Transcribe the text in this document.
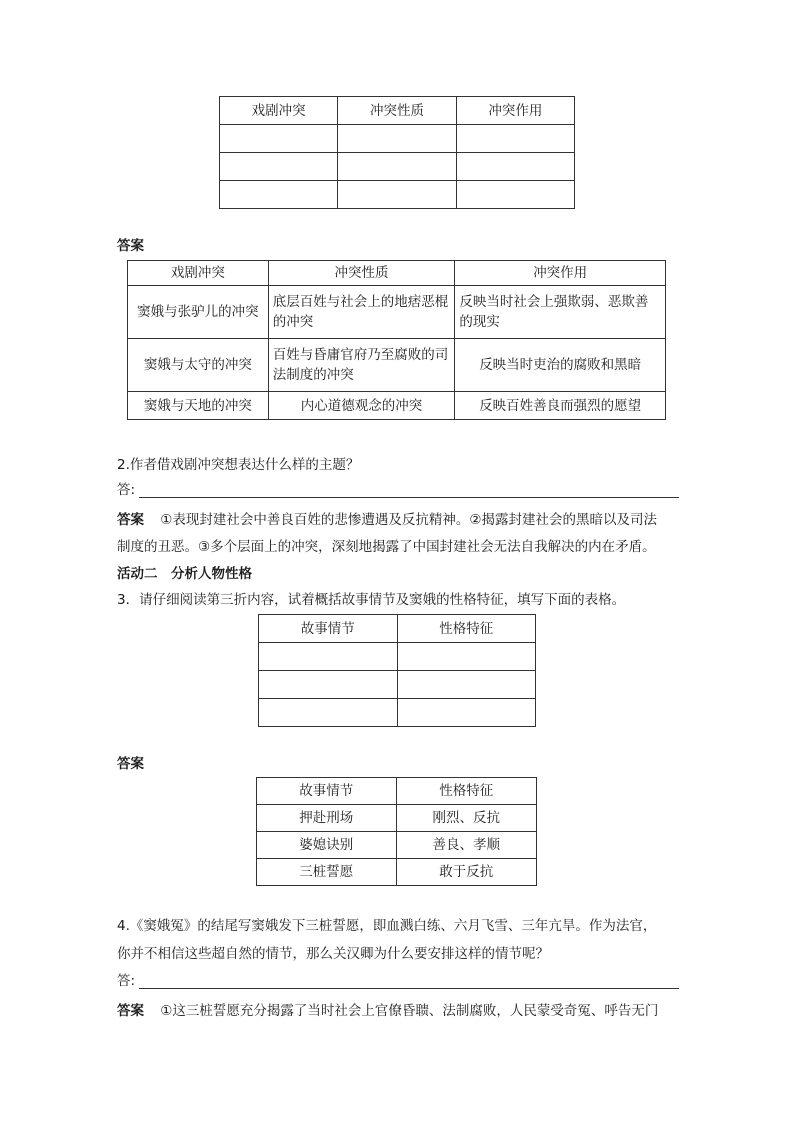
戏剧冲突	冲突性质	冲突作用

答案
戏剧冲突	冲突性质	冲突作用
窦娥与张驴儿的冲突	底层百姓与社会上的地痞恶棍的冲突	反映当时社会上强欺弱、恶欺善的现实
窦娥与太守的冲突	百姓与昏庸官府乃至腐败的司法制度的冲突	反映当时吏治的腐败和黑暗
窦娥与天地的冲突	内心道德观念的冲突	反映百姓善良而强烈的愿望
2.作者借戏剧冲突想表达什么样的主题？
答:
答案 ①表现封建社会中善良百姓的悲惨遭遇及反抗精神。②揭露封建社会的黑暗以及司法
制度的丑恶。③多个层面上的冲突，深刻地揭露了中国封建社会无法自我解决的内在矛盾。
活动二　分析人物性格
3．请仔细阅读第三折内容，试着概括故事情节及窦娥的性格特征，填写下面的表格。
故事情节	性格特征

答案
故事情节	性格特征
押赴刑场	刚烈、反抗
婆媳诀别	善良、孝顺
三桩誓愿	敢于反抗
4.《窦娥冤》的结尾写窦娥发下三桩誓愿，即血溅白练、六月飞雪、三年亢旱。作为法官，
你并不相信这些超自然的情节，那么关汉卿为什么要安排这样的情节呢？
答:
答案 ①这三桩誓愿充分揭露了当时社会上官僚昏聩、法制腐败，人民蒙受奇冤、呼告无门
